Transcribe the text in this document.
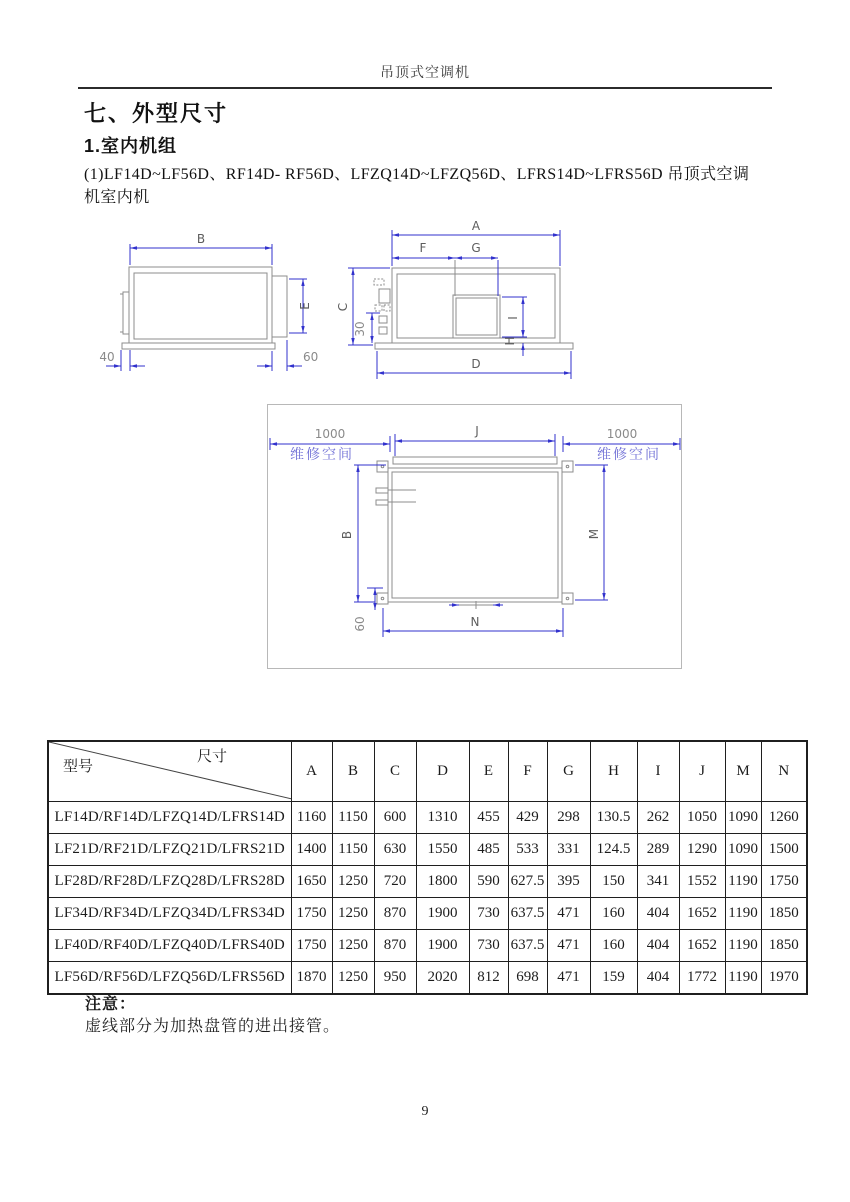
吊顶式空调机
七、外型尺寸
1.室内机组
(1)LF14D~LF56D、RF14D- RF56D、LFZQ14D~LFZQ56D、LFRS14D~LFRS56D 吊顶式空调
机室内机
B
E
40	60
A
F	G
C
30
I
H
D
J
1000
维修空间
1000
维修空间
B	M
60	N
尺寸
型号	A	B	C	D	E	F	G	H	I	J	M	N
LF14D/RF14D/LFZQ14D/LFRS14D	1160	1150	600	1310	455	429	298	130.5	262	1050	1090	1260
LF21D/RF21D/LFZQ21D/LFRS21D	1400	1150	630	1550	485	533	331	124.5	289	1290	1090	1500
LF28D/RF28D/LFZQ28D/LFRS28D	1650	1250	720	1800	590	627.5	395	150	341	1552	1190	1750
LF34D/RF34D/LFZQ34D/LFRS34D	1750	1250	870	1900	730	637.5	471	160	404	1652	1190	1850
LF40D/RF40D/LFZQ40D/LFRS40D	1750	1250	870	1900	730	637.5	471	160	404	1652	1190	1850
LF56D/RF56D/LFZQ56D/LFRS56D	1870	1250	950	2020	812	698	471	159	404	1772	1190	1970
注意：
虚线部分为加热盘管的进出接管。
9
